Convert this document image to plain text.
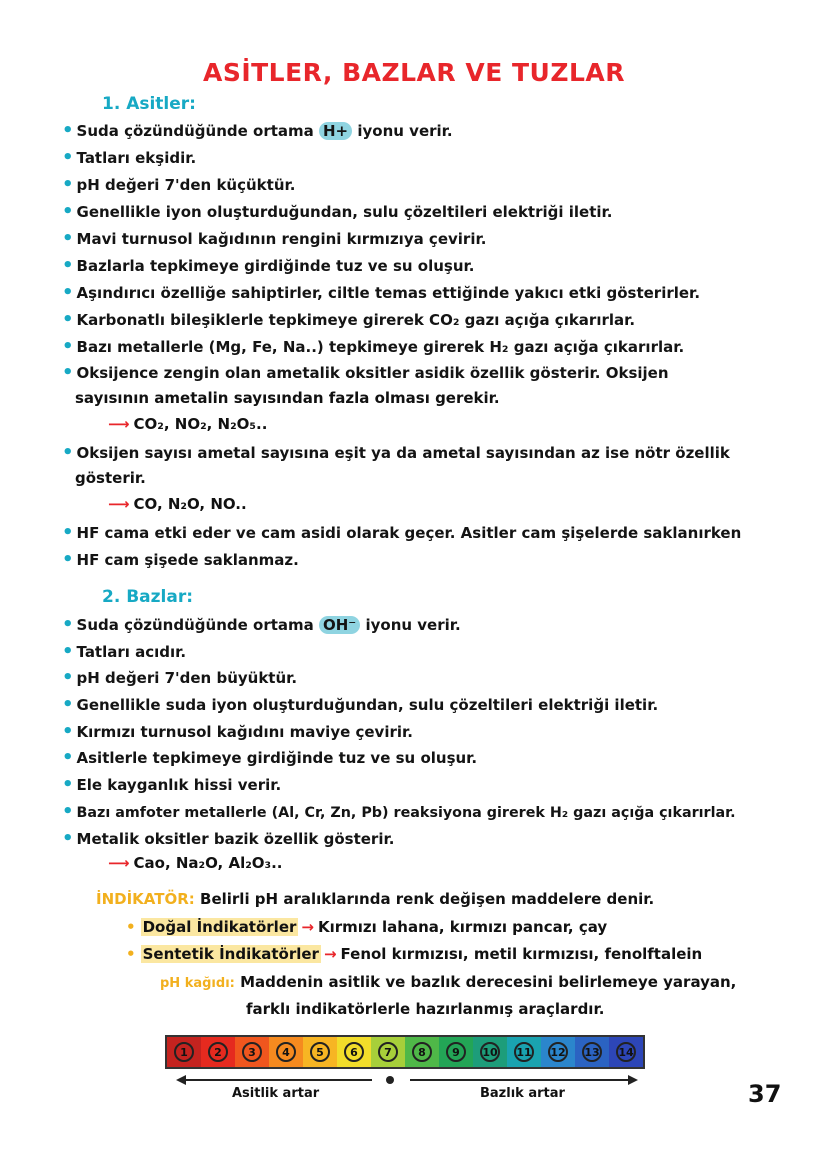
ASİTLER, BAZLAR VE TUZLAR
1. Asitler:
• Suda çözündüğünde ortama H+ iyonu verir.
• Tatları ekşidir.
• pH değeri 7'den küçüktür.
• Genellikle iyon oluşturduğundan, sulu çözeltileri elektriği iletir.
• Mavi turnusol kağıdının rengini kırmızıya çevirir.
• Bazlarla tepkimeye girdiğinde tuz ve su oluşur.
• Aşındırıcı özelliğe sahiptirler, ciltle temas ettiğinde yakıcı etki gösterirler.
• Karbonatlı bileşiklerle tepkimeye girerek CO₂ gazı açığa çıkarırlar.
• Bazı metallerle (Mg, Fe, Na..) tepkimeye girerek H₂ gazı açığa çıkarırlar.
• Oksijence zengin olan ametalik oksitler asidik özellik gösterir. Oksijen
sayısının ametalin sayısından fazla olması gerekir.
⟶ CO₂, NO₂, N₂O₅..
• Oksijen sayısı ametal sayısına eşit ya da ametal sayısından az ise nötr özellik
gösterir.
⟶ CO, N₂O, NO..
• HF cama etki eder ve cam asidi olarak geçer. Asitler cam şişelerde saklanırken
• HF cam şişede saklanmaz.
2. Bazlar:
• Suda çözündüğünde ortama OH⁻ iyonu verir.
• Tatları acıdır.
• pH değeri 7'den büyüktür.
• Genellikle suda iyon oluşturduğundan, sulu çözeltileri elektriği iletir.
• Kırmızı turnusol kağıdını maviye çevirir.
• Asitlerle tepkimeye girdiğinde tuz ve su oluşur.
• Ele kayganlık hissi verir.
• Bazı amfoter metallerle (Al, Cr, Zn, Pb) reaksiyona girerek H₂ gazı açığa çıkarırlar.
• Metalik oksitler bazik özellik gösterir.
⟶ Cao, Na₂O, Al₂O₃..
İNDİKATÖR: Belirli pH aralıklarında renk değişen maddelere denir.
• Doğal İndikatörler → Kırmızı lahana, kırmızı pancar, çay
• Sentetik İndikatörler → Fenol kırmızısı, metil kırmızısı, fenolftalein
pH kağıdı: Maddenin asitlik ve bazlık derecesini belirlemeye yarayan,
farklı indikatörlerle hazırlanmış araçlardır.
1	2	3	4	5	6	7	8	9	10 11 12 13 14
Asitlik artar	Bazlık artar	37
